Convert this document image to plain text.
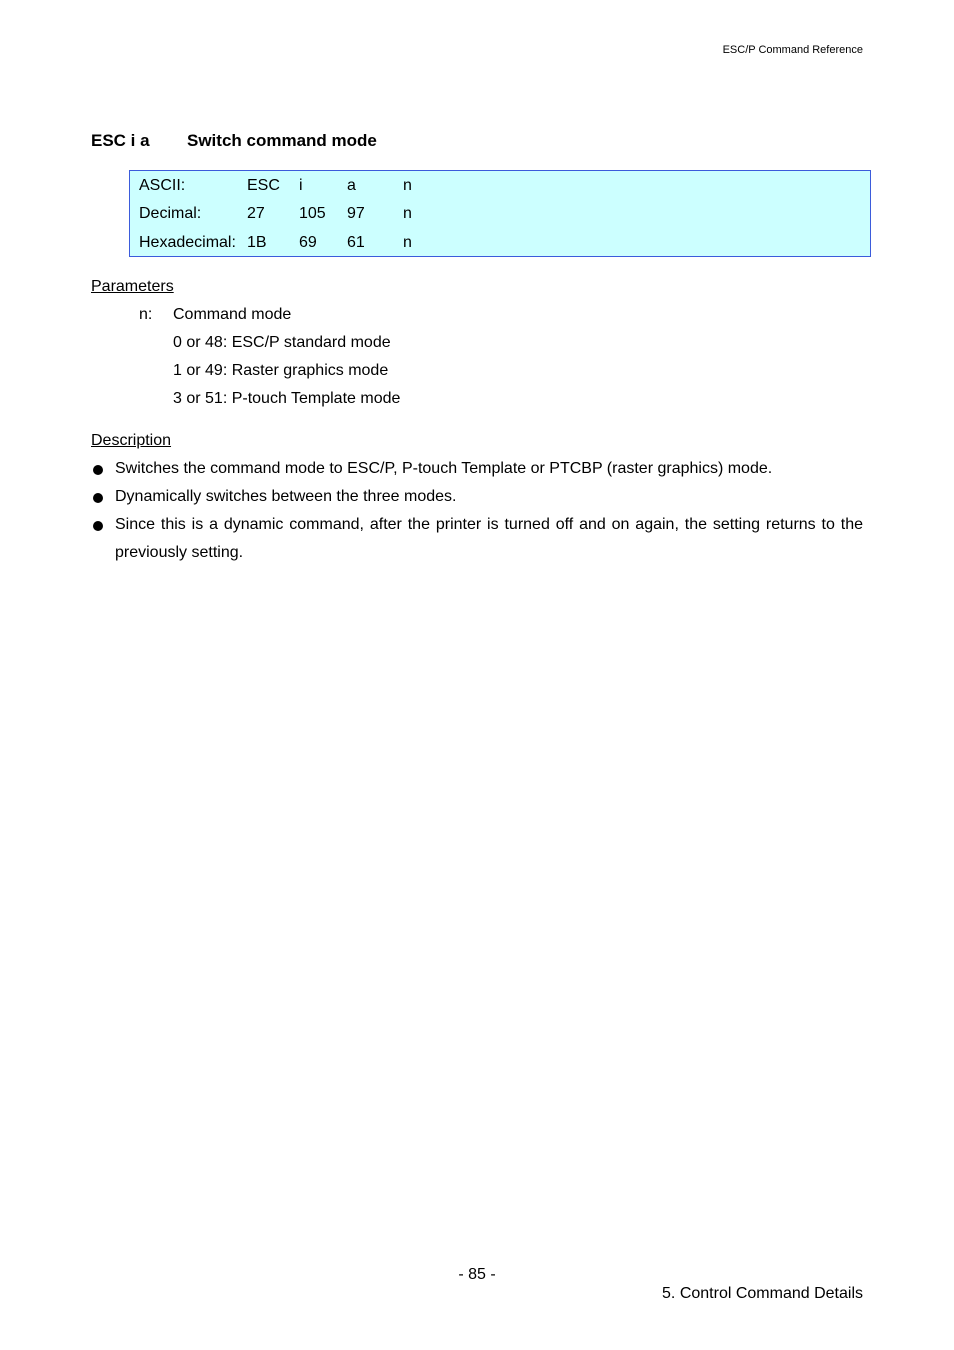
ESC/P Command Reference
ESC i a Switch command mode
ASCII:	ESC i	a	n
Decimal:	27 105 97 n
Hexadecimal: 1B 69 61 n
Parameters
n: Command mode
0 or 48: ESC/P standard mode
1 or 49: Raster graphics mode
3 or 51: P-touch Template mode
Description
Switches the command mode to ESC/P, P-touch Template or PTCBP (raster graphics) mode.
Dynamically switches between the three modes.
Since this is a dynamic command, after the printer is turned off and on again, the setting returns to the
previously setting.
- 85 -
5. Control Command Details
